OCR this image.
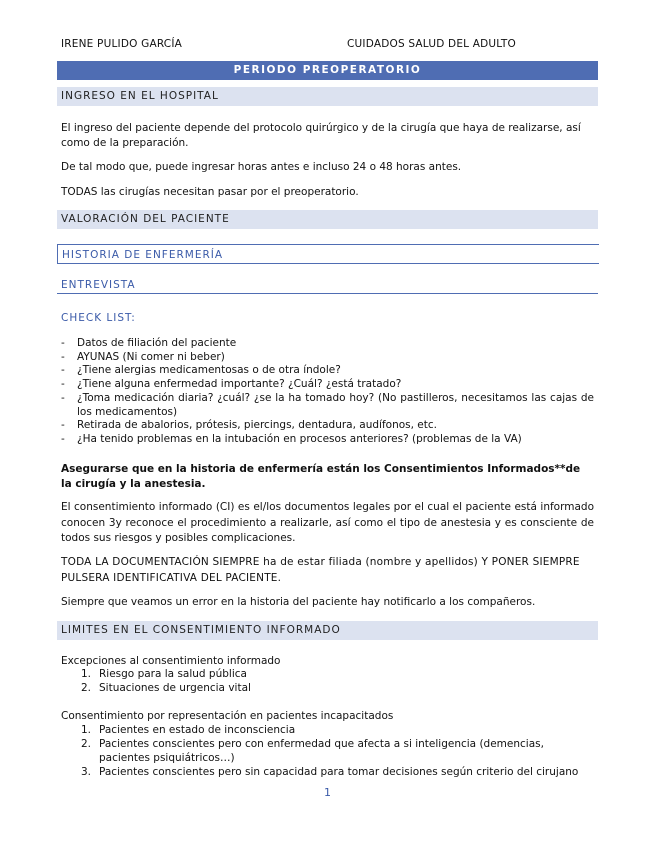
IRENE PULIDO GARCÍA	CUIDADOS SALUD DEL ADULTO
PERIODO PREOPERATORIO
INGRESO EN EL HOSPITAL
El ingreso del paciente depende del protocolo quirúrgico y de la cirugía que haya de realizarse, así como de la preparación.
De tal modo que, puede ingresar horas antes e incluso 24 o 48 horas antes.
TODAS las cirugías necesitan pasar por el preoperatorio.
VALORACIÓN DEL PACIENTE
HISTORIA DE ENFERMERÍA
ENTREVISTA
CHECK LIST:
- Datos de filiación del paciente
- AYUNAS (Ni comer ni beber)
- ¿Tiene alergias medicamentosas o de otra índole?
- ¿Tiene alguna enfermedad importante? ¿Cuál? ¿está tratado?
- ¿Toma medicación diaria? ¿cuál? ¿se la ha tomado hoy? (No pastilleros, necesitamos las cajas de los medicamentos)
- Retirada de abalorios, prótesis, piercings, dentadura, audífonos, etc.
- ¿Ha tenido problemas en la intubación en procesos anteriores? (problemas de la VA)
Asegurarse que en la historia de enfermería están los Consentimientos Informados**de la cirugía y la anestesia.
El consentimiento informado (CI) es el/los documentos legales por el cual el paciente está informado conocen 3y reconoce el procedimiento a realizarle, así como el tipo de anestesia y es consciente de todos sus riesgos y posibles complicaciones.
TODA LA DOCUMENTACIÓN SIEMPRE ha de estar filiada (nombre y apellidos) Y PONER SIEMPRE PULSERA IDENTIFICATIVA DEL PACIENTE.
Siempre que veamos un error en la historia del paciente hay notificarlo a los compañeros.
LIMITES EN EL CONSENTIMIENTO INFORMADO
Excepciones al consentimiento informado
1. Riesgo para la salud pública
2. Situaciones de urgencia vital
Consentimiento por representación en pacientes incapacitados
1. Pacientes en estado de inconsciencia
2. Pacientes conscientes pero con enfermedad que afecta a si inteligencia (demencias, pacientes psiquiátricos…)
3. Pacientes conscientes pero sin capacidad para tomar decisiones según criterio del cirujano
1
